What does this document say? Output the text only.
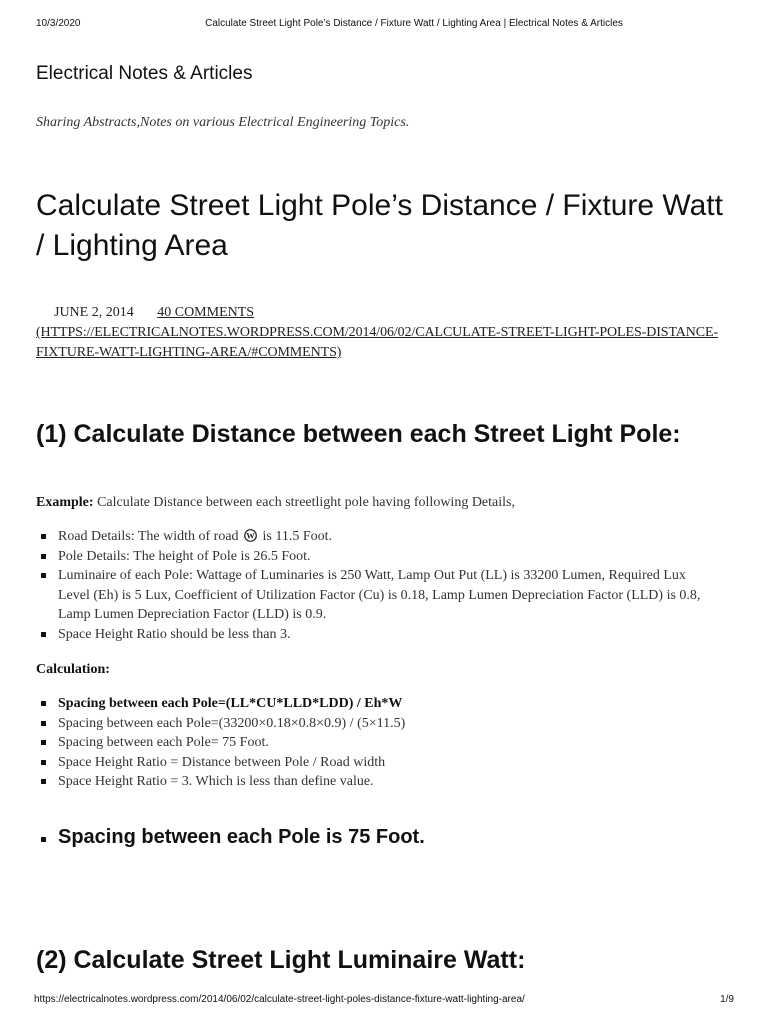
10/3/2020	Calculate Street Light Pole’s Distance / Fixture Watt / Lighting Area | Electrical Notes & Articles
Electrical Notes & Articles
Sharing Abstracts,Notes on various Electrical Engineering Topics.
Calculate Street Light Pole’s Distance / Fixture Watt / Lighting Area
JUNE 2, 2014 40 COMMENTS
(HTTPS://ELECTRICALNOTES.WORDPRESS.COM/2014/06/02/CALCULATE-STREET-LIGHT-POLES-DISTANCE-FIXTURE-WATT-LIGHTING-AREA/#COMMENTS)
(1) Calculate Distance between each Street Light Pole:
Example: Calculate Distance between each streetlight pole having following Details,
Road Details: The width of road W is 11.5 Foot.
Pole Details: The height of Pole is 26.5 Foot.
Luminaire of each Pole: Wattage of Luminaries is 250 Watt, Lamp Out Put (LL) is 33200 Lumen, Required Lux Level (Eh) is 5 Lux, Coefficient of Utilization Factor (Cu) is 0.18, Lamp Lumen Depreciation Factor (LLD) is 0.8, Lamp Lumen Depreciation Factor (LLD) is 0.9.
Space Height Ratio should be less than 3.
Calculation:
Spacing between each Pole=(LL*CU*LLD*LDD) / Eh*W
Spacing between each Pole=(33200×0.18×0.8×0.9) / (5×11.5)
Spacing between each Pole= 75 Foot.
Space Height Ratio = Distance between Pole / Road width
Space Height Ratio = 3. Which is less than define value.
Spacing between each Pole is 75 Foot.
(2) Calculate Street Light Luminaire Watt:
https://electricalnotes.wordpress.com/2014/06/02/calculate-street-light-poles-distance-fixture-watt-lighting-area/	1/9
